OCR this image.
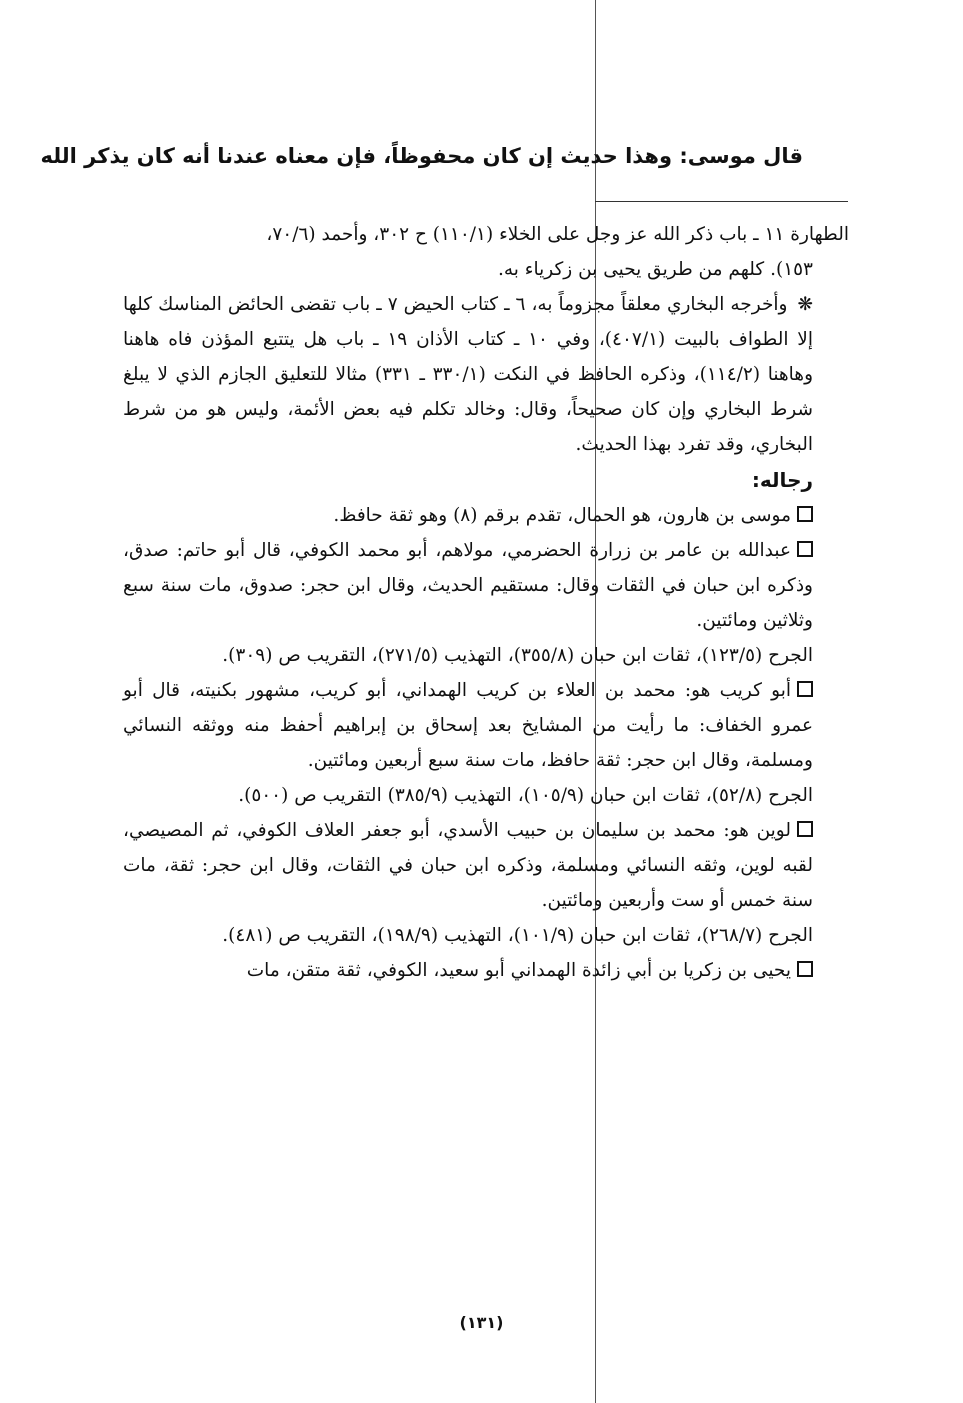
قال موسى: وهذا حديث إن كان محفوظاً، فإن معناه عندنا أنه كان يذكر الله

الطهارة ١١ ـ باب ذكر الله عز وجل على الخلاء (١١٠/١) ح ٣٠٢، وأحمد (٧٠/٦،
١٥٣). كلهم من طريق يحيى بن زكرياء به.

❋ وأخرجه البخاري معلقاً مجزوماً به، ٦ ـ كتاب الحيض ٧ ـ باب تقضى الحائض المناسك كلها إلا الطواف بالبيت (٤٠٧/١)، وفي ١٠ ـ كتاب الأذان ١٩ ـ باب هل يتتبع المؤذن فاه هاهنا وهاهنا (١١٤/٢)، وذكره الحافظ في النكت (٣٣٠/١ ـ ٣٣١) مثالا للتعليق الجازم الذي لا يبلغ شرط البخاري وإن كان صحيحاً، وقال: وخالد تكلم فيه بعض الأئمة، وليس هو من شرط البخاري، وقد تفرد بهذا الحديث.

رجاله:

موسى بن هارون، هو الحمال، تقدم برقم (٨) وهو ثقة حافظ.

عبدالله بن عامر بن زرارة الحضرمي، مولاهم، أبو محمد الكوفي، قال أبو حاتم: صدق، وذكره ابن حبان في الثقات وقال: مستقيم الحديث، وقال ابن حجر: صدوق، مات سنة سبع وثلاثين ومائتين.

الجرح (١٢٣/٥)، ثقات ابن حبان (٣٥٥/٨)، التهذيب (٢٧١/٥)، التقريب ص (٣٠٩).

أبو كريب هو: محمد بن العلاء بن كريب الهمداني، أبو كريب، مشهور بكنيته، قال أبو عمرو الخفاف: ما رأيت من المشايخ بعد إسحاق بن إبراهيم أحفظ منه ووثقه النسائي ومسلمة، وقال ابن حجر: ثقة حافظ، مات سنة سبع أربعين ومائتين.

الجرح (٥٢/٨)، ثقات ابن حبان (١٠٥/٩)، التهذيب (٣٨٥/٩) التقريب ص (٥٠٠).

لوين هو: محمد بن سليمان بن حبيب الأسدي، أبو جعفر العلاف الكوفي، ثم المصيصي، لقبه لوين، وثقه النسائي ومسلمة، وذكره ابن حبان في الثقات، وقال ابن حجر: ثقة، مات سنة خمس أو ست وأربعين ومائتين.

الجرح (٢٦٨/٧)، ثقات ابن حبان (١٠١/٩)، التهذيب (١٩٨/٩)، التقريب ص (٤٨١).

يحيى بن زكريا بن أبي زائدة الهمداني أبو سعيد، الكوفي، ثقة متقن، مات

(١٣١)
